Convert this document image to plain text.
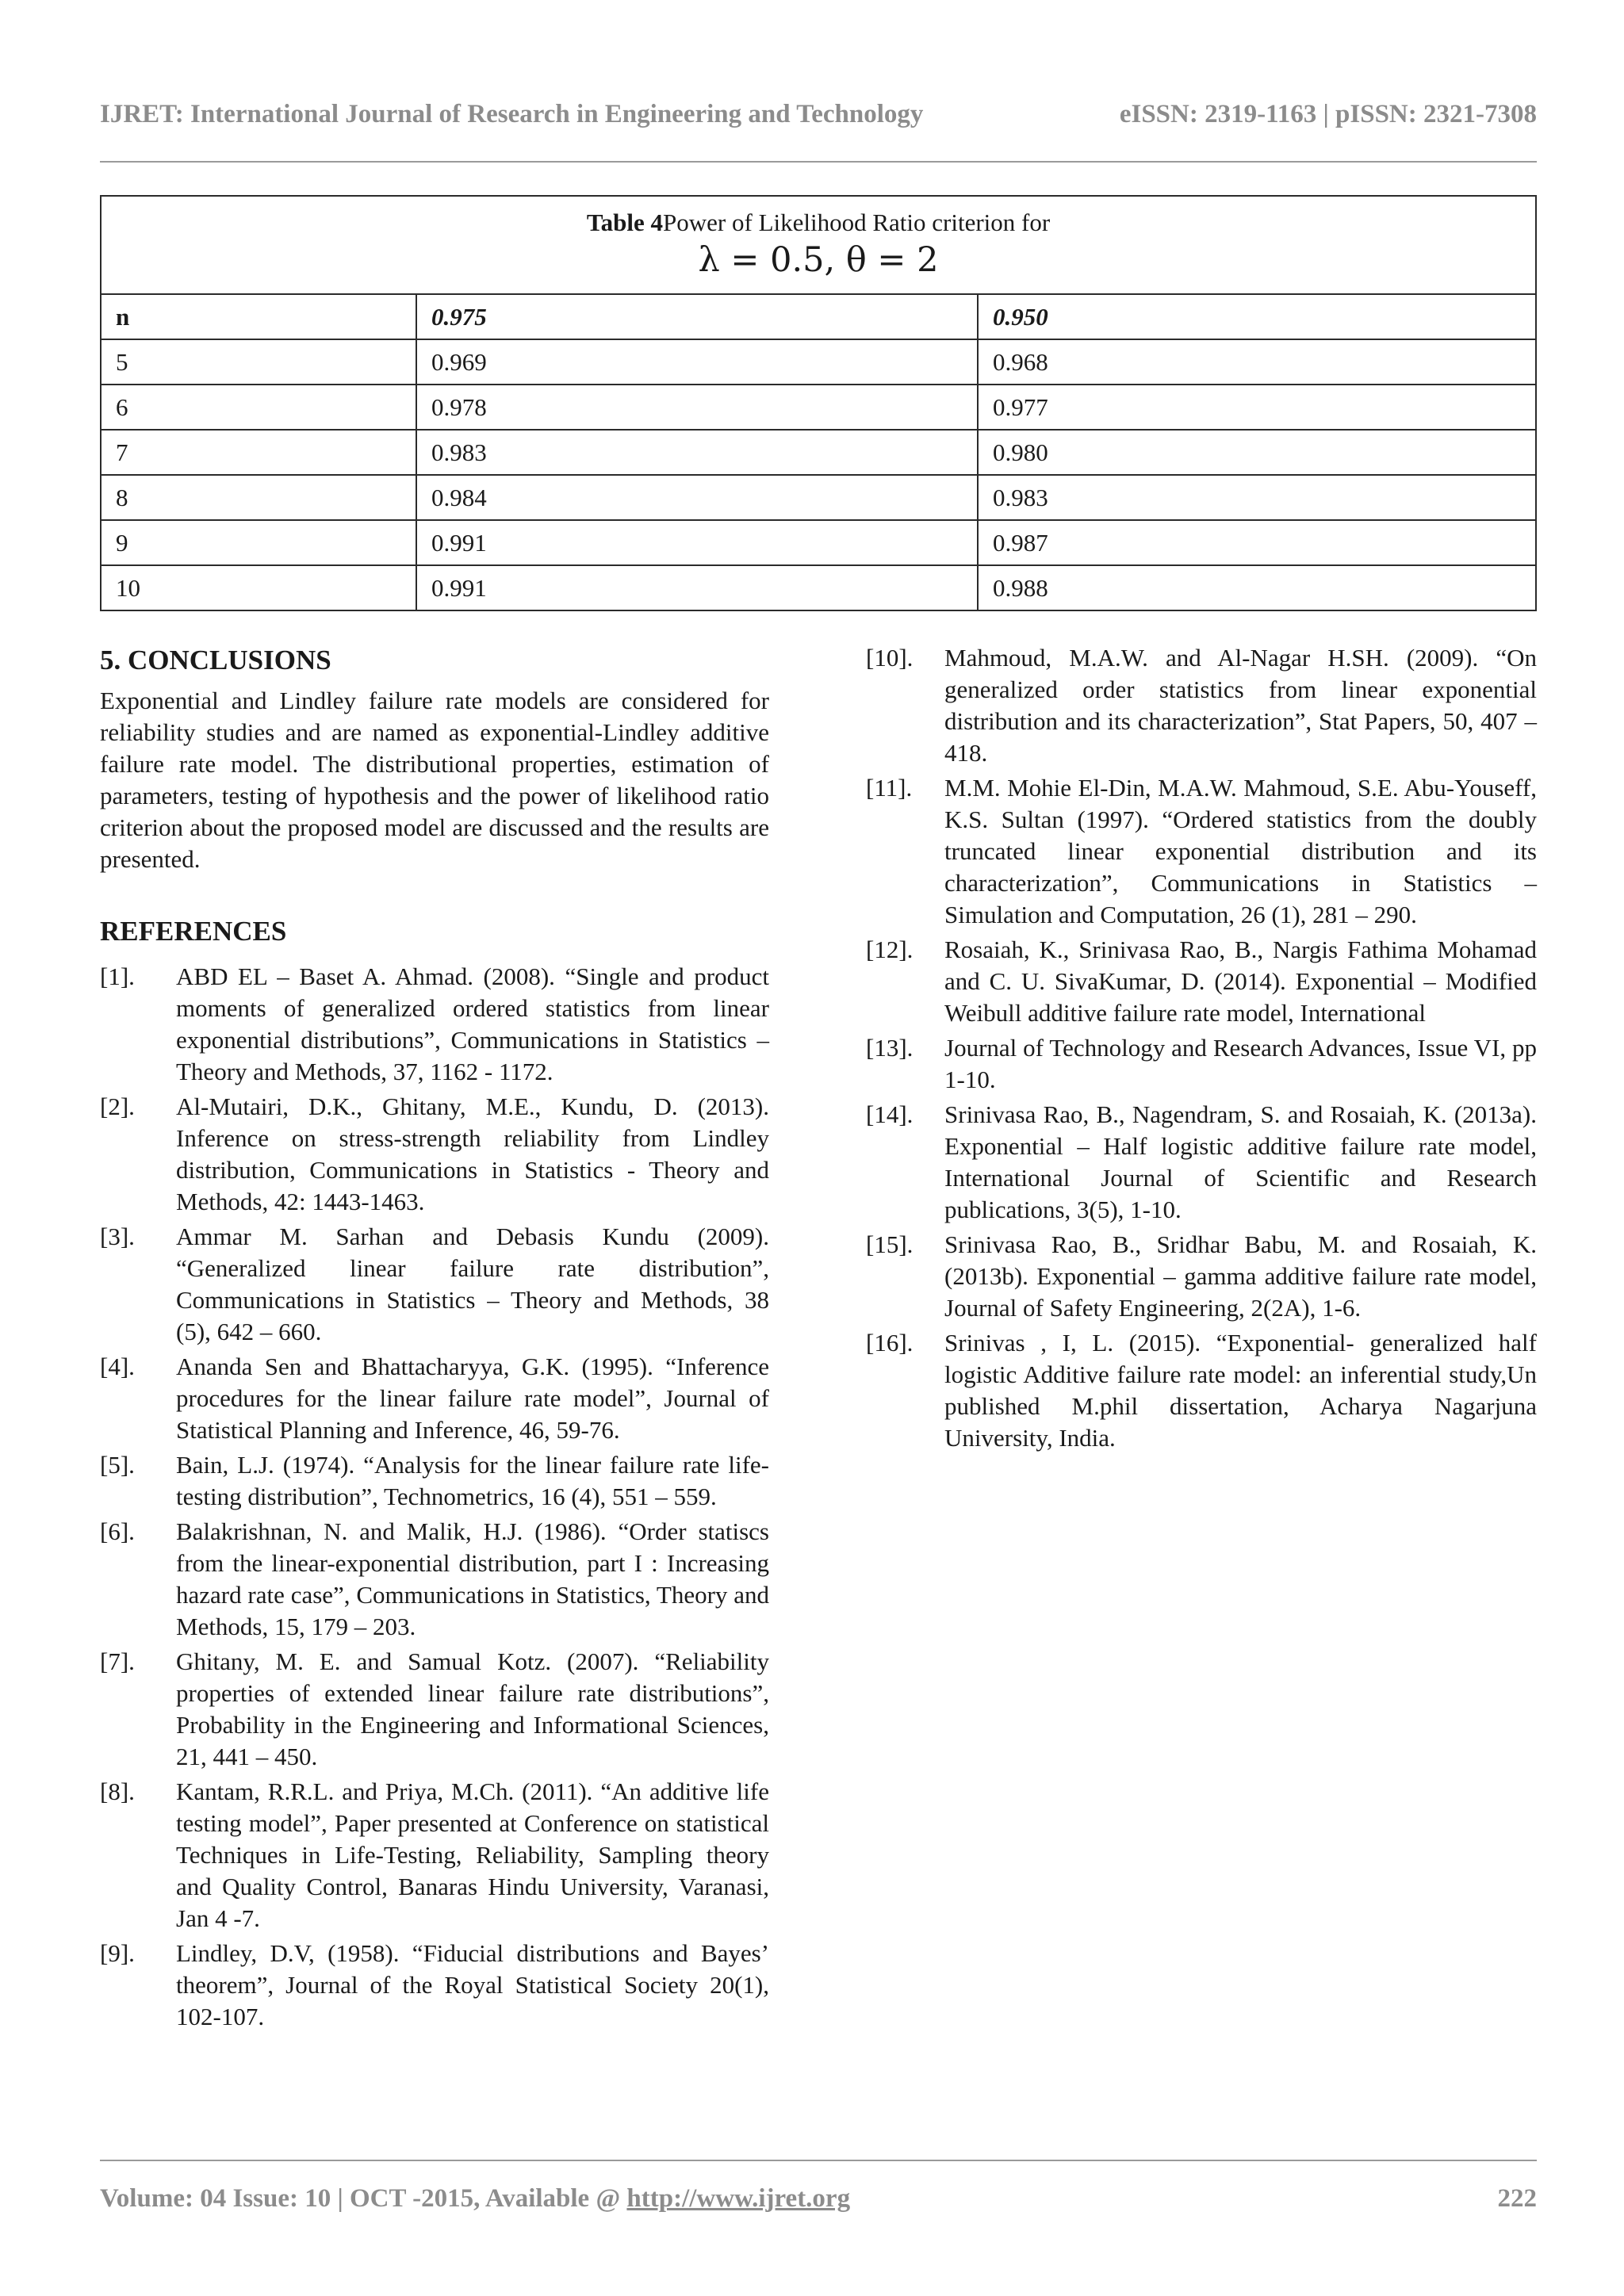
IJRET: International Journal of Research in Engineering and Technology	eISSN: 2319-1163 | pISSN: 2321-7308
Table 4Power of Likelihood Ratio criterion for
λ = 0.5, θ = 2		

n	0.975	0.950
5	0.969	0.968
6	0.978	0.977
7	0.983	0.980
8	0.984	0.983
9	0.991	0.987
10	0.991	0.988
5. CONCLUSIONS

Exponential and Lindley failure rate models are considered for reliability studies and are named as exponential-Lindley additive failure rate model. The distributional properties, estimation of parameters, testing of hypothesis and the power of likelihood ratio criterion about the proposed model are discussed and the results are presented.

REFERENCES
[1].	ABD EL – Baset A. Ahmad. (2008). “Single and product moments of generalized ordered statistics from linear exponential distributions”, Communications in Statistics – Theory and Methods, 37, 1162 - 1172.
[2].	Al-Mutairi, D.K., Ghitany, M.E., Kundu, D. (2013). Inference on stress-strength reliability from Lindley distribution, Communications in Statistics - Theory and Methods, 42: 1443-1463.
[3].	Ammar M. Sarhan and Debasis Kundu (2009). “Generalized linear failure rate distribution”, Communications in Statistics – Theory and Methods, 38 (5), 642 – 660.
[4].	Ananda Sen and Bhattacharyya, G.K. (1995). “Inference procedures for the linear failure rate model”, Journal of Statistical Planning and Inference, 46, 59-76.
[5].	Bain, L.J. (1974). “Analysis for the linear failure rate life-testing distribution”, Technometrics, 16 (4), 551 – 559.
[6].	Balakrishnan, N. and Malik, H.J. (1986). “Order statiscs from the linear-exponential distribution, part I : Increasing hazard rate case”, Communications in Statistics, Theory and Methods, 15, 179 – 203.
[7].	Ghitany, M. E. and Samual Kotz. (2007). “Reliability properties of extended linear failure rate distributions”, Probability in the Engineering and Informational Sciences, 21, 441 – 450.
[8].	Kantam, R.R.L. and Priya, M.Ch. (2011). “An additive life testing model”, Paper presented at Conference on statistical Techniques in Life-Testing, Reliability, Sampling theory and Quality Control, Banaras Hindu University, Varanasi, Jan 4 -7.
[9].	Lindley, D.V, (1958). “Fiducial distributions and Bayes’ theorem”, Journal of the Royal Statistical Society 20(1), 102-107.
[10].	Mahmoud, M.A.W. and Al-Nagar H.SH. (2009). “On generalized order statistics from linear exponential distribution and its characterization”, Stat Papers, 50, 407 – 418.
[11].	M.M. Mohie El-Din, M.A.W. Mahmoud, S.E. Abu-Youseff, K.S. Sultan (1997). “Ordered statistics from the doubly truncated linear exponential distribution and its characterization”, Communications in Statistics – Simulation and Computation, 26 (1), 281 – 290.
[12].	Rosaiah, K., Srinivasa Rao, B., Nargis Fathima Mohamad and C. U. SivaKumar, D. (2014). Exponential – Modified Weibull additive failure rate model, International
[13].	Journal of Technology and Research Advances, Issue VI, pp 1-10.
[14].	Srinivasa Rao, B., Nagendram, S. and Rosaiah, K. (2013a). Exponential – Half logistic additive failure rate model, International Journal of Scientific and Research publications, 3(5), 1-10.
[15].	Srinivasa Rao, B., Sridhar Babu, M. and Rosaiah, K. (2013b). Exponential – gamma additive failure rate model, Journal of Safety Engineering, 2(2A), 1-6.
[16].	Srinivas , I, L. (2015). “Exponential- generalized half logistic Additive failure rate model: an inferential study,Un published M.phil dissertation, Acharya Nagarjuna University, India.
Volume: 04 Issue: 10 | OCT -2015, Available @ http://www.ijret.org	222
